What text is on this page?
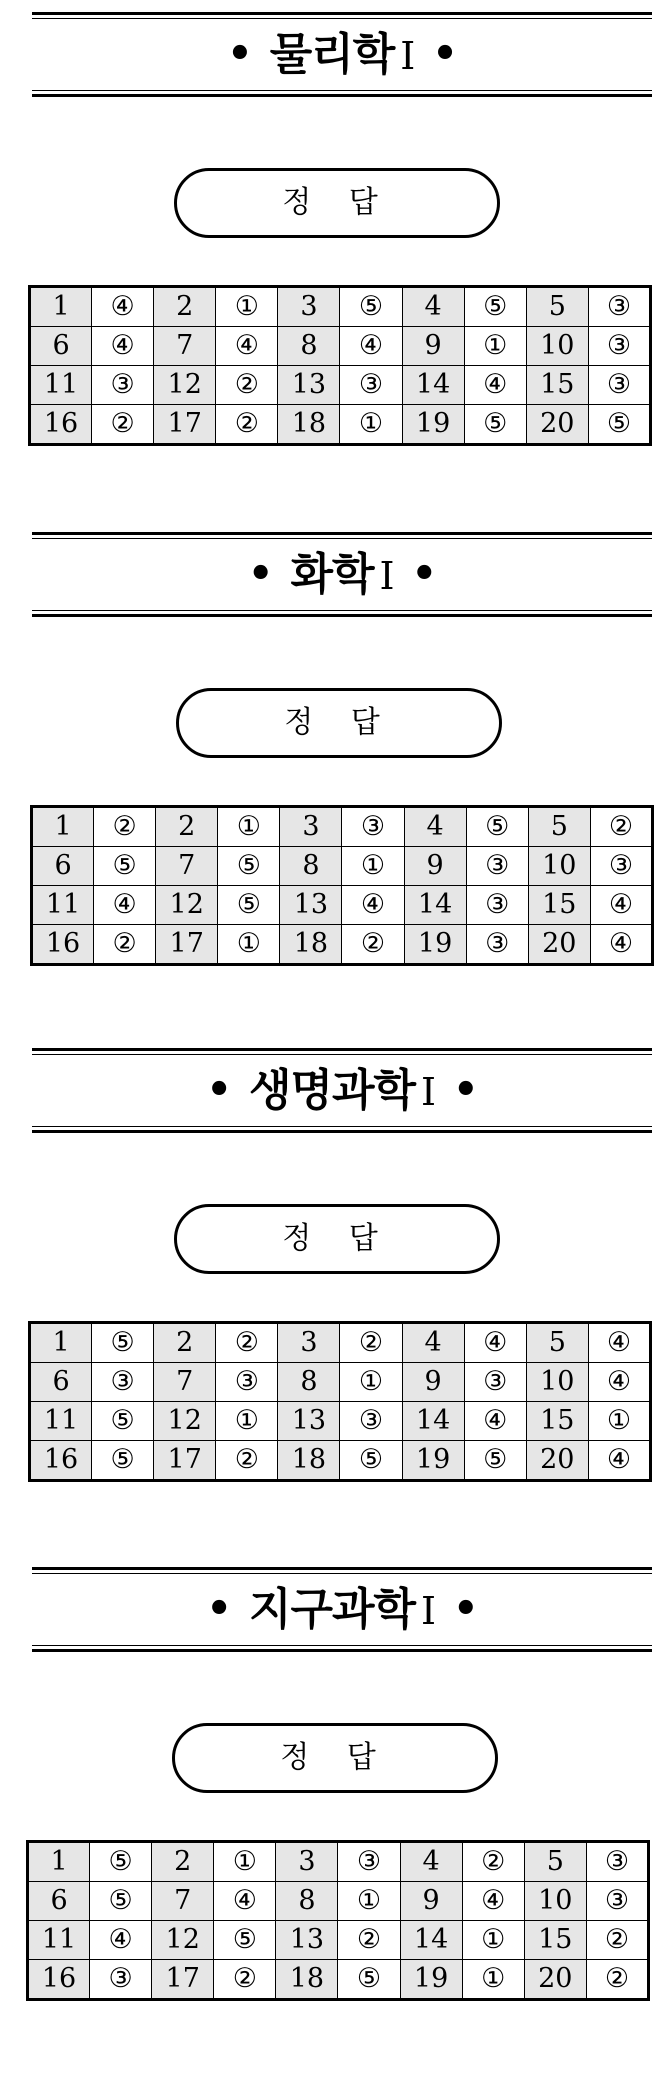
• 물리학 Ⅰ •
정 답
1	④	2	①	3	⑤	4	⑤	5	③
6	④	7	④	8	④	9	①	10	③
11	③	12	②	13	③	14	④	15	③
16	②	17	②	18	①	19	⑤	20	⑤
• 화학 Ⅰ •
정 답
1	②	2	①	3	③	4	⑤	5	②
6	⑤	7	⑤	8	①	9	③	10	③
11	④	12	⑤	13	④	14	③	15	④
16	②	17	①	18	②	19	③	20	④
• 생명과학 Ⅰ •
정 답
1	⑤	2	②	3	②	4	④	5	④
6	③	7	③	8	①	9	③	10	④
11	⑤	12	①	13	③	14	④	15	①
16	⑤	17	②	18	⑤	19	⑤	20	④
• 지구과학 Ⅰ •
정 답
1	⑤	2	①	3	③	4	②	5	③
6	⑤	7	④	8	①	9	④	10	③
11	④	12	⑤	13	②	14	①	15	②
16	③	17	②	18	⑤	19	①	20	②
